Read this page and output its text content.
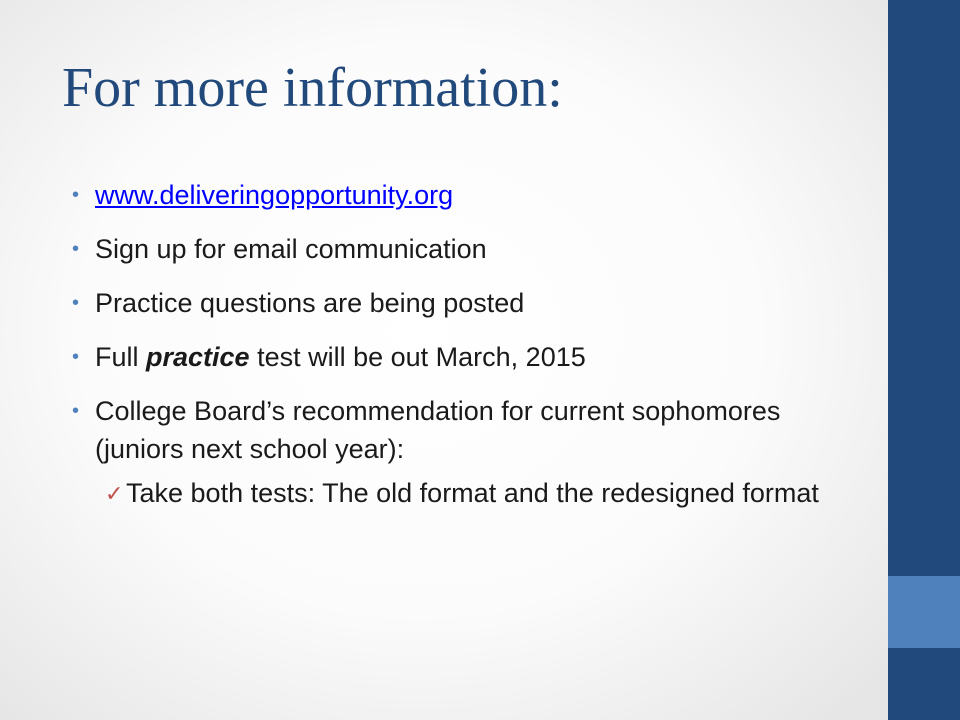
For more information:
• www.deliveringopportunity.org
• Sign up for email communication
• Practice questions are being posted
• Full practice test will be out March, 2015
• College Board’s recommendation for current sophomores (juniors next school year):
✓ Take both tests: The old format and the redesigned format
